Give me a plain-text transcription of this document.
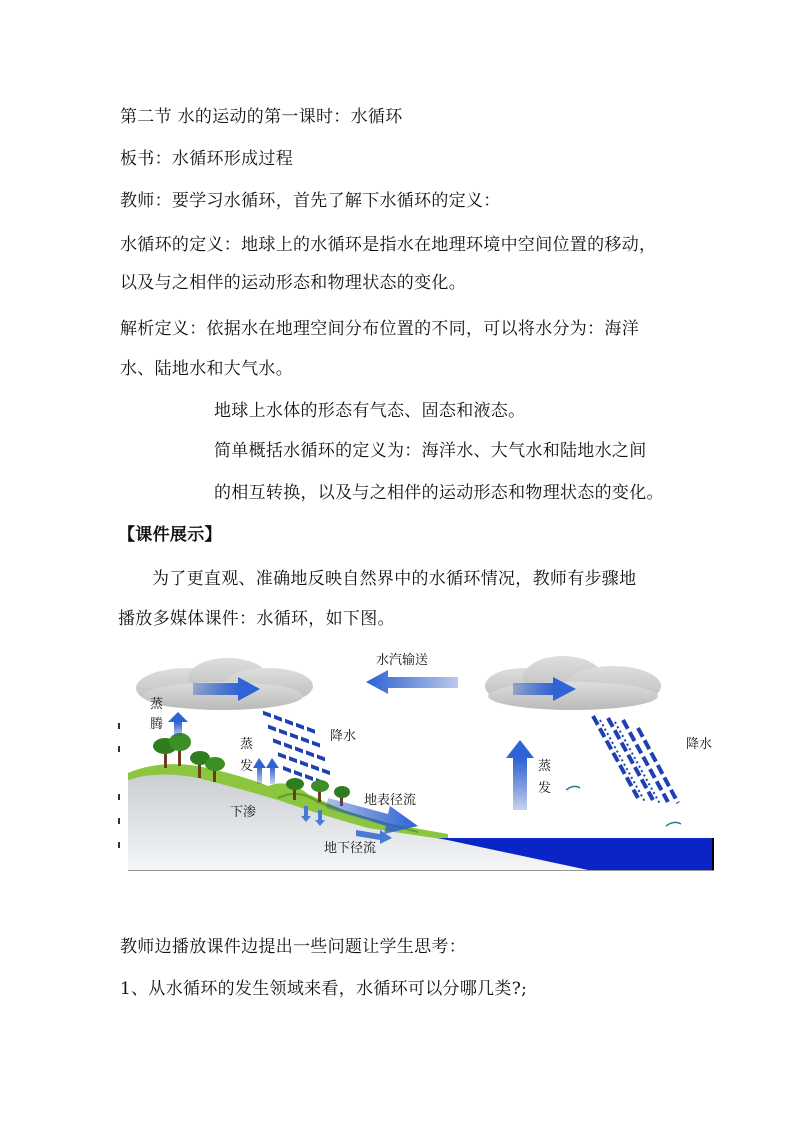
第二节 水的运动的第一课时：水循环
板书：水循环形成过程
教师：要学习水循环，首先了解下水循环的定义：
水循环的定义：地球上的水循环是指水在地理环境中空间位置的移动，
以及与之相伴的运动形态和物理状态的变化。
解析定义：依据水在地理空间分布位置的不同，可以将水分为：海洋
水、陆地水和大气水。
地球上水体的形态有气态、固态和液态。
简单概括水循环的定义为：海洋水、大气水和陆地水之间
的相互转换，以及与之相伴的运动形态和物理状态的变化。
【课件展示】
为了更直观、准确地反映自然界中的水循环情况，教师有步骤地
播放多媒体课件：水循环，如下图。
水汽输送
降水
蒸
腾
蒸
发
下渗
地表径流
地下径流
蒸
发
降水
教师边播放课件边提出一些问题让学生思考：
1、从水循环的发生领域来看，水循环可以分哪几类?;
